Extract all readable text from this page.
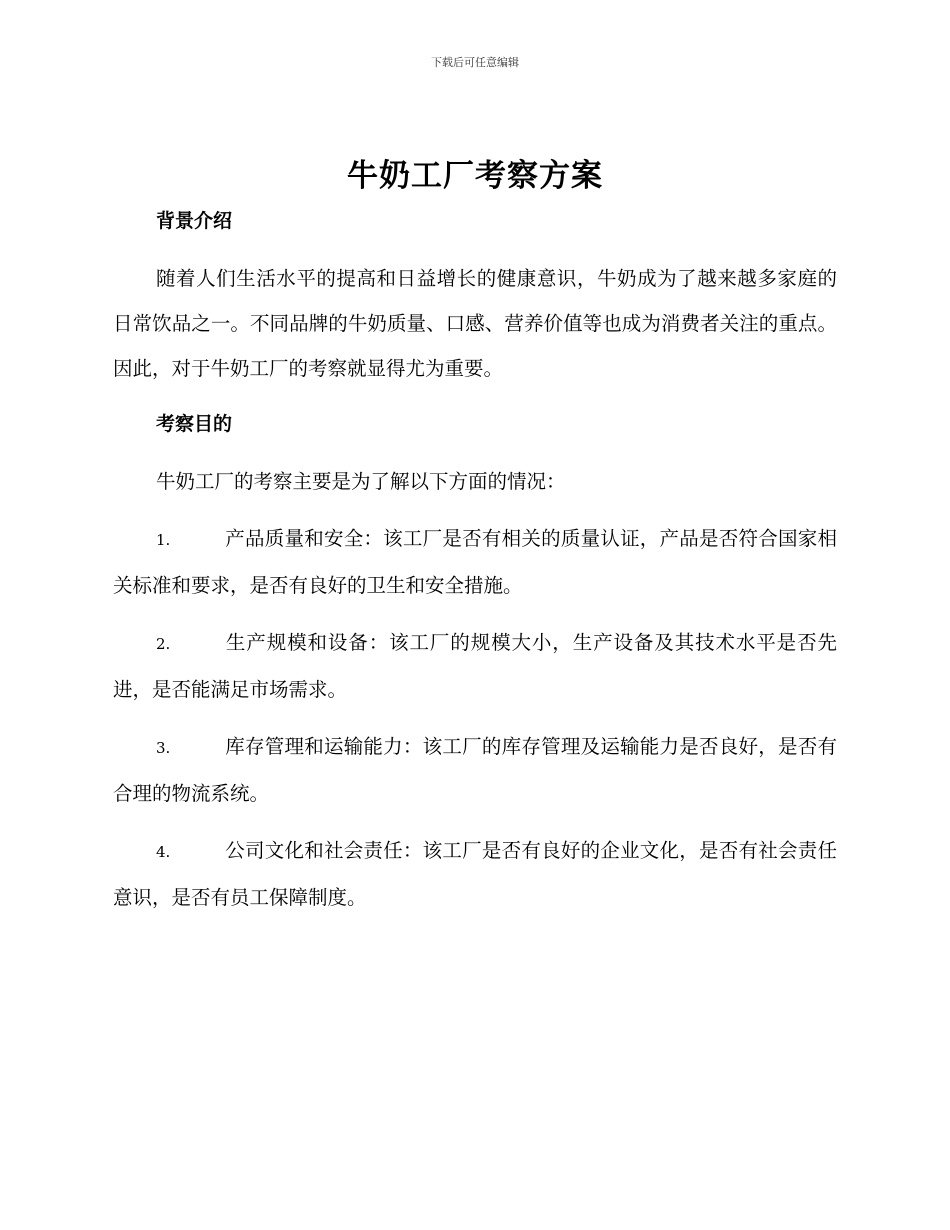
下载后可任意编辑
牛奶工厂考察方案
背景介绍

随着人们生活水平的提高和日益增长的健康意识，牛奶成为了越来越多家庭的日常饮品之一。不同品牌的牛奶质量、口感、营养价值等也成为消费者关注的重点。因此，对于牛奶工厂的考察就显得尤为重要。

考察目的

牛奶工厂的考察主要是为了解以下方面的情况：

1.	产品质量和安全：该工厂是否有相关的质量认证，产品是否符合国家相关标准和要求，是否有良好的卫生和安全措施。

2.	生产规模和设备：该工厂的规模大小，生产设备及其技术水平是否先进，是否能满足市场需求。

3.	库存管理和运输能力：该工厂的库存管理及运输能力是否良好，是否有合理的物流系统。

4.	公司文化和社会责任：该工厂是否有良好的企业文化，是否有社会责任意识，是否有员工保障制度。
